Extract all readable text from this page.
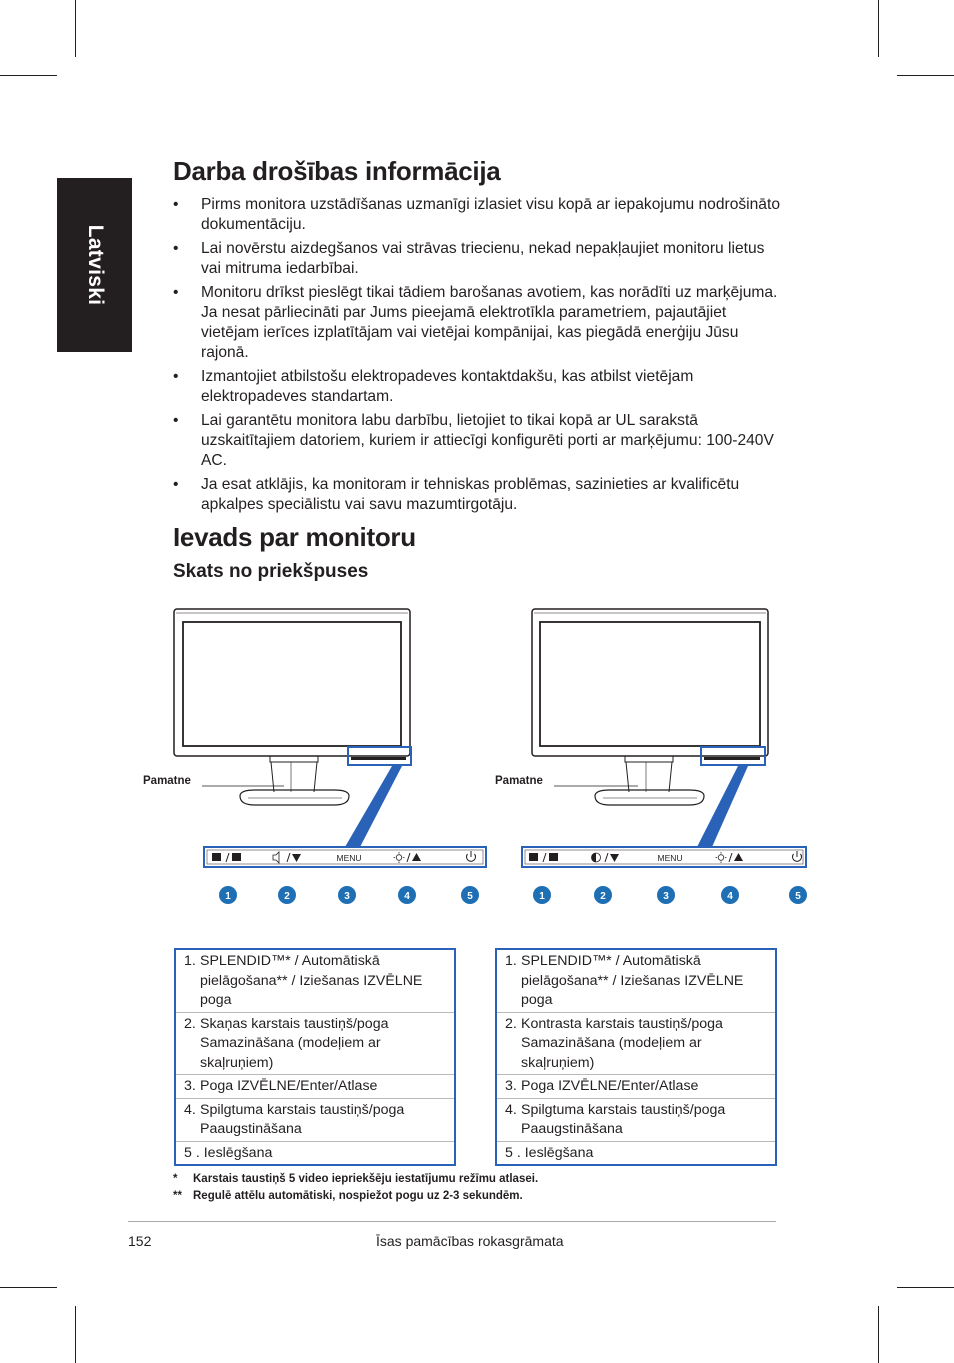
Latviski
Darba drošības informācija
• Pirms monitora uzstādīšanas uzmanīgi izlasiet visu kopā ar iepakojumu nodrošināto dokumentāciju.
• Lai novērstu aizdegšanos vai strāvas triecienu, nekad nepakļaujiet monitoru lietus vai mitruma iedarbībai.
• Monitoru drīkst pieslēgt tikai tādiem barošanas avotiem, kas norādīti uz marķējuma. Ja nesat pārliecināti par Jums pieejamā elektrotīkla parametriem, pajautājiet vietējam ierīces izplatītājam vai vietējai kompānijai, kas piegādā enerģiju Jūsu rajonā.
• Izmantojiet atbilstošu elektropadeves kontaktdakšu, kas atbilst vietējam elektropadeves standartam.
• Lai garantētu monitora labu darbību, lietojiet to tikai kopā ar UL sarakstā uzskaitītajiem datoriem, kuriem ir attiecīgi konfigurēti porti ar marķējumu: 100-240V AC.
• Ja esat atklājis, ka monitoram ir tehniskas problēmas, sazinieties ar kvalificētu apkalpes speciālistu vai savu mazumtirgotāju.
Ievads par monitoru
Skats no priekšpuses
MENU
1	2	3	4	5
Pamatne
MENU
1	2	3	4	5
Pamatne
1. SPLENDID™* / Automātiskā
pielāgošana** / Iziešanas IZVĒLNE
poga
2. Skaņas karstais taustiņš/poga
Samazināšana (modeļiem ar
skaļruņiem)
3. Poga IZVĒLNE/Enter/Atlase
4. Spilgtuma karstais taustiņš/poga
Paaugstināšana
5 . Ieslēgšana
1. SPLENDID™* / Automātiskā
pielāgošana** / Iziešanas IZVĒLNE
poga
2. Kontrasta karstais taustiņš/poga
Samazināšana (modeļiem ar
skaļruņiem)
3. Poga IZVĒLNE/Enter/Atlase
4. Spilgtuma karstais taustiņš/poga
Paaugstināšana
5 . Ieslēgšana
* Karstais taustiņš 5 video iepriekšēju iestatījumu režīmu atlasei.
** Regulē attēlu automātiski, nospiežot pogu uz 2-3 sekundēm.
152	Īsas pamācības rokasgrāmata
